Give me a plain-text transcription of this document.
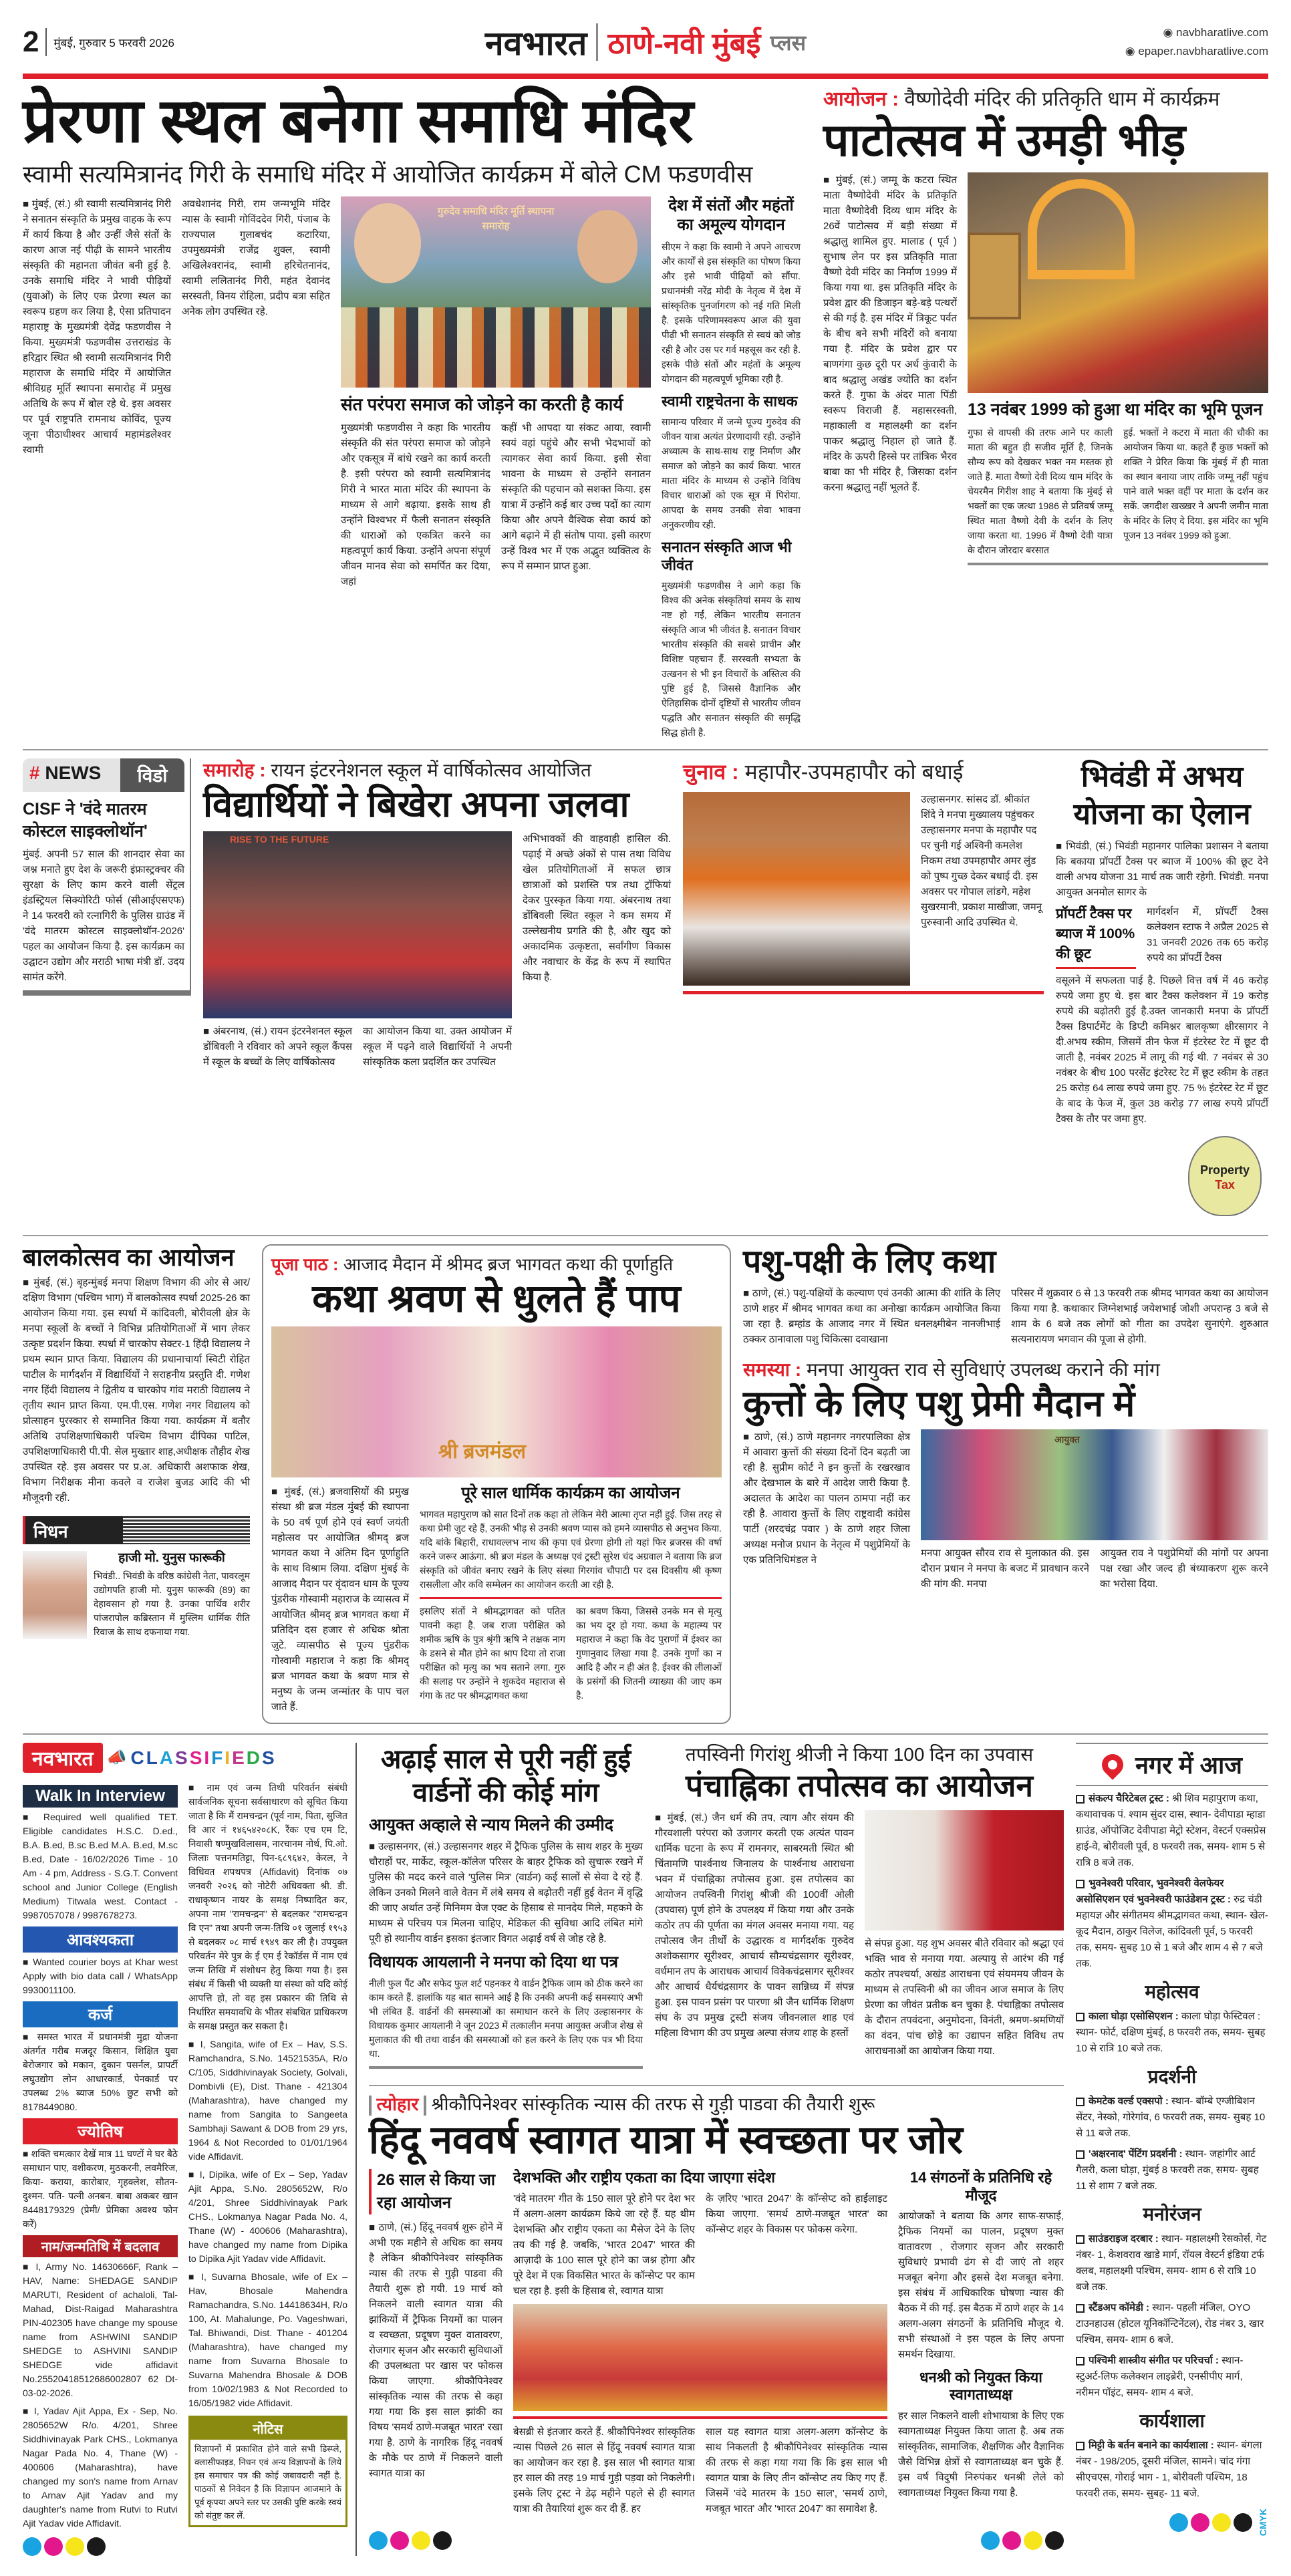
2 मुंबई, गुरुवार 5 फरवरी 2026	नवभारत ठाणे-नवी मुंबई प्लस	◉ navbharatlive.com
◉ epaper.navbharatlive.com
प्रेरणा स्थल बनेगा समाधि मंदिर
स्वामी सत्यमित्रानंद गिरी के समाधि मंदिर में आयोजित कार्यक्रम में बोले CM फडणवीस

■ मुंबई, (सं.) श्री स्वामी सत्यमित्रानंद गिरी ने सनातन संस्कृति के प्रमुख वाहक के रूप में कार्य किया है और उन्हीं जैसे संतों के कारण आज नई पीढ़ी के सामने भारतीय संस्कृति की महानता जीवंत बनी हुई है. उनके समाधि मंदिर ने भावी पीढ़ियों (युवाओं) के लिए एक प्रेरणा स्थल का स्वरूप ग्रहण कर लिया है, ऐसा प्रतिपादन महाराष्ट्र के मुख्यमंत्री देवेंद्र फडणवीस ने किया. मुख्यमंत्री फडणवीस उत्तराखंड के हरिद्वार स्थित श्री स्वामी सत्यमित्रानंद गिरी महाराज के समाधि मंदिर में आयोजित श्रीविग्रह मूर्ति स्थापना समारोह में प्रमुख अतिथि के रूप में बोल रहे थे. इस अवसर पर पूर्व राष्ट्रपति रामनाथ कोविंद, पूज्य जूना पीठाधीश्वर आचार्य महामंडलेश्वर स्वामी

अवधेशानंद गिरी, राम जन्मभूमि मंदिर न्यास के स्वामी गोविंददेव गिरी, पंजाब के राज्यपाल गुलाबचंद कटारिया, उपमुख्यमंत्री राजेंद्र शुक्ल, स्वामी अखिलेश्वरानंद, स्वामी हरिचेतनानंद, स्वामी ललितानंद गिरी, महंत देवानंद सरस्वती, विनय रोहिला, प्रदीप बत्रा सहित अनेक लोग उपस्थित रहे.

गुरुदेव समाधि मंदिर मूर्ति स्थापना समारोह
संत परंपरा समाज को जोड़ने का करती है कार्य

मुख्यमंत्री फडणवीस ने कहा कि भारतीय संस्कृति की संत परंपरा समाज को जोड़ने और एकसूत्र में बांधे रखने का कार्य करती है. इसी परंपरा को स्वामी सत्यमित्रानंद गिरी ने भारत माता मंदिर की स्थापना के माध्यम से आगे बढ़ाया. इसके साथ ही उन्होंने विश्वभर में फैली सनातन संस्कृति की धाराओं को एकत्रित करने का महत्वपूर्ण कार्य किया. उन्होंने अपना संपूर्ण जीवन मानव सेवा को समर्पित कर दिया, जहां

कहीं भी आपदा या संकट आया, स्वामी स्वयं वहां पहुंचे और सभी भेदभावों को त्यागकर सेवा कार्य किया. इसी सेवा भावना के माध्यम से उन्होंने सनातन संस्कृति की पहचान को सशक्त किया. इस यात्रा में उन्होंने कई बार उच्च पदों का त्याग किया और अपने वैश्विक सेवा कार्य को आगे बढ़ाने में ही संतोष पाया. इसी कारण उन्हें विश्व भर में एक अद्भुत व्यक्तित्व के रूप में सम्मान प्राप्त हुआ.

देश में संतों और महंतों का अमूल्य योगदान

सीएम ने कहा कि स्वामी ने अपने आचरण और कार्यों से इस संस्कृति का पोषण किया और इसे भावी पीढ़ियों को सौंपा. प्रधानमंत्री नरेंद्र मोदी के नेतृत्व में देश में सांस्कृतिक पुनर्जागरण को नई गति मिली है. इसके परिणामस्वरूप आज की युवा पीढ़ी भी सनातन संस्कृति से स्वयं को जोड़ रही है और उस पर गर्व महसूस कर रही है. इसके पीछे संतों और महंतों के अमूल्य योगदान की महत्वपूर्ण भूमिका रही है.

स्वामी राष्ट्रचेतना के साधक

सामान्य परिवार में जन्मे पूज्य गुरुदेव की जीवन यात्रा अत्यंत प्रेरणादायी रही. उन्होंने अध्यात्म के साथ-साथ राष्ट्र निर्माण और समाज को जोड़ने का कार्य किया. भारत माता मंदिर के माध्यम से उन्होंने विविध विचार धाराओं को एक सूत्र में पिरोया. आपदा के समय उनकी सेवा भावना अनुकरणीय रही.

सनातन संस्कृति आज भी जीवंत

मुख्यमंत्री फडणवीस ने आगे कहा कि विश्व की अनेक संस्कृतियां समय के साथ नष्ट हो गईं, लेकिन भारतीय सनातन संस्कृति आज भी जीवंत है. सनातन विचार भारतीय संस्कृति की सबसे प्राचीन और विशिष्ट पहचान हैं. सरस्वती सभ्यता के उत्खनन से भी इन विचारों के अस्तित्व की पुष्टि हुई है, जिससे वैज्ञानिक और ऐतिहासिक दोनों दृष्टियों से भारतीय जीवन पद्धति और सनातन संस्कृति की समृद्धि सिद्ध होती है.

आयोजन : वैष्णोदेवी मंदिर की प्रतिकृति धाम में कार्यक्रम
पाटोत्सव में उमड़ी भीड़

■ मुंबई, (सं.) जम्मू के कटरा स्थित माता वैष्णोदेवी मंदिर के प्रतिकृति माता वैष्णोदेवी दिव्य धाम मंदिर के 26वें पाटोत्सव में बड़ी संख्या में श्रद्धालु शामिल हुए. मालाड ( पूर्व ) सुभाष लेन पर इस प्रतिकृति माता वैष्णो देवी मंदिर का निर्माण 1999 में किया गया था. इस प्रतिकृति मंदिर के प्रवेश द्वार की डिजाइन बड़े-बड़े पत्थरों से की गई है. इस मंदिर में त्रिकूट पर्वत के बीच बने सभी मंदिरों को बनाया गया है. मंदिर के प्रवेश द्वार पर बाणगंगा कुछ दूरी पर अर्ध कुंवारी के बाद श्रद्धालु अखंड ज्योति का दर्शन करते हैं. गुफा के अंदर माता पिंडी स्वरूप विराजी हैं. महासरस्वती, महाकाली व महालक्ष्मी का दर्शन पाकर श्रद्धालु निहाल हो जाते हैं. मंदिर के ऊपरी हिस्से पर तांत्रिक भैरव बाबा का भी मंदिर है, जिसका दर्शन करना श्रद्धालु नहीं भूलते हैं.

13 नवंबर 1999 को हुआ था मंदिर का भूमि पूजन

गुफा से वापसी की तरफ आने पर काली माता की बहुत ही सजीव मूर्ति है, जिनके सौम्य रूप को देखकर भक्त नम मस्तक हो जाते हैं. माता वैष्णो देवी दिव्य धाम मंदिर के चेयरमैन गिरीश शाह ने बताया कि मुंबई से भक्तों का एक जत्था 1986 से प्रतिवर्ष जम्मू स्थित माता वैष्णो देवी के दर्शन के लिए जाया करता था. 1996 में वैष्णो देवी यात्रा के दौरान जोरदार बरसात

हुई. भक्तों ने कटरा में माता की चौकी का आयोजन किया था. कहते हैं कुछ भक्तों को शक्ति ने प्रेरित किया कि मुंबई में ही माता का स्थान बनाया जाए ताकि जम्मू नहीं पहुंच पाने वाले भक्त वहीं पर माता के दर्शन कर सकें. जगदीश खख्खर ने अपनी जमीन माता के मंदिर के लिए दे दिया. इस मंदिर का भूमि पूजन 13 नवंबर 1999 को हुआ.

# NEWS	विडो
CISF ने 'वंदे मातरम कोस्टल साइक्लोथॉन'

मुंबई. अपनी 57 साल की शानदार सेवा का जश्न मनाते हुए देश के जरूरी इंफ्रास्ट्रक्चर की सुरक्षा के लिए काम करने वाली सेंट्रल इंडस्ट्रियल सिक्योरिटी फोर्स (सीआईएसएफ) ने 14 फरवरी को रत्नागिरी के पुलिस ग्राउंड में 'वंदे मातरम कोस्टल साइक्लोथॉन-2026' पहल का आयोजन किया है. इस कार्यक्रम का उद्घाटन उद्योग और मराठी भाषा मंत्री डॉ. उदय सामंत करेंगे.

समारोह : रायन इंटरनेशनल स्कूल में वार्षिकोत्सव आयोजित
विद्यार्थियों ने बिखेरा अपना जलवा
RISE TO THE FUTURE

■ अंबरनाथ, (सं.) रायन इंटरनेशनल स्कूल डोंबिवली ने रविवार को अपने स्कूल कैंपस में स्कूल के बच्चों के लिए वार्षिकोत्सव

का आयोजन किया था. उक्त आयोजन में स्कूल में पढ़ने वाले विद्यार्थियों ने अपनी सांस्कृतिक कला प्रदर्शित कर उपस्थित

अभिभावकों की वाहवाही हासिल की. पढ़ाई में अच्छे अंकों से पास तथा विविध खेल प्रतियोगिताओं में सफल छात्र छात्राओं को प्रशस्ति पत्र तथा ट्रॉफियां देकर पुरस्कृत किया गया. अंबरनाथ तथा डोंबिवली स्थित स्कूल ने कम समय में उल्लेखनीय प्रगति की है, और खुद को अकादमिक उत्कृष्टता, सर्वांगीण विकास और नवाचार के केंद्र के रूप में स्थापित किया है.

चुनाव : महापौर-उपमहापौर को बधाई

उल्हासनगर. सांसद डॉ. श्रीकांत शिंदे ने मनपा मुख्यालय पहुंचकर उल्हासनगर मनपा के महापौर पद पर चुनी गई अश्विनी कमलेश निकम तथा उपमहापौर अमर लुंड को पुष्प गुच्छ देकर बधाई दी. इस अवसर पर गोपाल लांडगे, महेश सुखरमानी, प्रकाश माखीजा, जमनू पुरुस्वानी आदि उपस्थित थे.

भिवंडी में अभय योजना का ऐलान

■ भिवंडी, (सं.) भिवंडी महानगर पालिका प्रशासन ने बताया कि बकाया प्रॉपर्टी टैक्स पर ब्याज में 100% की छूट देने वाली अभय योजना 31 मार्च तक जारी रहेगी. भिवंडी. मनपा आयुक्त अनमोल सागर के

प्रॉपर्टी टैक्स पर ब्याज में 100% की छूट

मार्गदर्शन में, प्रॉपर्टी टैक्स कलेक्शन स्टाफ ने अप्रैल 2025 से 31 जनवरी 2026 तक 65 करोड़ रुपये का प्रॉपर्टी टैक्स

वसूलने में सफलता पाई है. पिछले वित्त वर्ष में 46 करोड़ रुपये जमा हुए थे. इस बार टैक्स कलेक्शन में 19 करोड़ रुपये की बढ़ोतरी हुई है.उक्त जानकारी मनपा के प्रॉपर्टी टैक्स डिपार्टमेंट के डिप्टी कमिश्नर बालकृष्ण क्षीरसागर ने दी.अभय स्कीम, जिसमें तीन फेज में इंटरेस्ट रेट में छूट दी जाती है, नवंबर 2025 में लागू की गई थी. 7 नवंबर से 30 नवंबर के बीच 100 परसेंट इंटरेस्ट रेट में छूट स्कीम के तहत 25 करोड़ 64 लाख रुपये जमा हुए. 75 % इंटरेस्ट रेट में छूट के बाद के फेज में, कुल 38 करोड़ 77 लाख रुपये प्रॉपर्टी टैक्स के तौर पर जमा हुए.

Property
Tax
बालकोत्सव का आयोजन

■ मुंबई, (सं.) बृहन्मुंबई मनपा शिक्षण विभाग की ओर से आर/दक्षिण विभाग (पश्चिम भाग) में बालकोत्सव स्पर्धा 2025-26 का आयोजन किया गया. इस स्पर्धा में कांदिवली, बोरीवली क्षेत्र के मनपा स्कूलों के बच्चों ने विभिन्न प्रतियोगिताओं में भाग लेकर उत्कृष्ट प्रदर्शन किया. स्पर्धा में चारकोप सेक्टर-1 हिंदी विद्यालय ने प्रथम स्थान प्राप्त किया. विद्यालय की प्रधानाचार्या स्विटी रोहित पाटील के मार्गदर्शन में विद्यार्थियों ने सराहनीय प्रस्तुति दी. गणेश नगर हिंदी विद्यालय ने द्वितीय व चारकोप गांव मराठी विद्यालय ने तृतीय स्थान प्राप्त किया. एम.पी.एस. गणेश नगर विद्यालय को प्रोत्साहन पुरस्कार से सम्मानित किया गया. कार्यक्रम में बतौर अतिथि उपशिक्षणाधिकारी पश्चिम विभाग दीपिका पाटिल, उपशिक्षणाधिकारी पी.पी. सेल मुख्तार शाह,अधीक्षक तौहीद शेख उपस्थित रहे. इस अवसर पर प्र.अ. अधिकारी अशफाक शेख, विभाग निरीक्षक मीना कवले व राजेश बुजड आदि की भी मौजूदगी रही.

निधन
हाजी मो. युनुस फारूकी

भिवंडी.. भिवंडी के वरिष्ठ कांग्रेसी नेता, पावरलूम उद्योगपति हाजी मो. युनुस फारूकी (89) का देहावसान हो गया है. उनका पार्थिव शरीर पांजरापोल कब्रिस्तान में मुस्लिम धार्मिक रीति रिवाज के साथ दफनाया गया.

पूजा पाठ : आजाद मैदान में श्रीमद ब्रज भागवत कथा की पूर्णाहुति
कथा श्रवण से धुलते हैं पाप
श्री ब्रजमंडल

■ मुंबई, (सं.) ब्रजवासियों की प्रमुख संस्था श्री ब्रज मंडल मुंबई की स्थापना के 50 वर्ष पूर्ण होने एवं स्वर्ण जयंती महोत्सव पर आयोजित श्रीमद् ब्रज भागवत कथा ने अंतिम दिन पूर्णाहुति के साथ विश्राम लिया. दक्षिण मुंबई के आजाद मैदान पर वृंदावन धाम के पूज्य पुंडरीक गोस्वामी महाराज के व्यासत्व में आयोजित श्रीमद् ब्रज भागवत कथा में प्रतिदिन दस हजार से अधिक श्रोता जुटे. व्यासपीठ से पूज्य पुंडरीक गोस्वामी महाराज ने कहा कि श्रीमद् ब्रज भागवत कथा के श्रवण मात्र से मनुष्य के जन्म जन्मांतर के पाप चल जाते हैं.

पूरे साल धार्मिक कार्यक्रम का आयोजन

भागवत महापुराण को सात दिनों तक कहा तो लेकिन मेरी आत्मा तृप्त नहीं हुई. जिस तरह से कथा प्रेमी जुट रहे हैं, उनकी भीड़ से उनकी श्रवण प्यास को हमने व्यासपीठ से अनुभव किया. यदि बांके बिहारी, राधावल्लभ नाथ की कृपा एवं प्रेरणा होगी तो यहां फिर ब्रजरस की वर्षा करने जरूर आऊंगा. श्री ब्रज मंडल के अध्यक्ष एवं ट्रस्टी सुरेश चंद अग्रवाल ने बताया कि ब्रज संस्कृति को जीवंत बनाए रखने के लिए संस्था गिरगांव चौपाटी पर दस दिवसीय श्री कृष्ण रासलीला और कवि सम्मेलन का आयोजन करती आ रही है.

इसलिए संतों ने श्रीमद्भागवत को पतित पावनी कहा है. जब राजा परीक्षित को शमीक ऋषि के पुत्र श्रृंगी ऋषि ने तक्षक नाग के डसने से मौत होने का श्राप दिया तो राजा परीक्षित को मृत्यु का भय सताने लगा. गुरु की सलाह पर उन्होंने ने शुकदेव महाराज से गंगा के तट पर श्रीमद्भागवत कथा

का श्रवण किया, जिससे उनके मन से मृत्यु का भय दूर हो गया. कथा के महात्म्य पर महाराज ने कहा कि वेद पुराणों में ईश्वर का गुणानुवाद लिखा गया है. उनके गुणों का न आदि है और न ही अंत है. ईश्वर की लीलाओं के प्रसंगों की जितनी व्याख्या की जाए कम है.

पशु-पक्षी के लिए कथा

■ ठाणे, (सं.) पशु-पक्षियों के कल्याण एवं उनकी आत्मा की शांति के लिए ठाणे शहर में श्रीमद भागवत कथा का अनोखा कार्यक्रम आयोजित किया जा रहा है. ब्रम्हांड के आजाद नगर में स्थित धनलक्ष्मीबेन नानजीभाई ठक्कर ठानावाला पशु चिकित्सा दवाखाना

परिसर में शुक्रवार 6 से 13 फरवरी तक श्रीमद भागवत कथा का आयोजन किया गया है. कथाकार जिग्नेशभाई जयेशभाई जोशी अपरान्ह 3 बजे से शाम के 6 बजे तक लोगों को गीता का उपदेश सुनाएंगे. शुरुआत सत्यनारायण भगवान की पूजा से होगी.

समस्या : मनपा आयुक्त राव से सुविधाएं उपलब्ध कराने की मांग
कुत्तों के लिए पशु प्रेमी मैदान में

■ ठाणे, (सं.) ठाणे महानगर नगरपालिका क्षेत्र में आवारा कुत्तों की संख्या दिनों दिन बढ़ती जा रही है. सुप्रीम कोर्ट ने इन कुत्तों के रखरखाव और देखभाल के बारे में आदेश जारी किया है. अदालत के आदेश का पालन ठामपा नहीं कर रही है. आवारा कुत्तों के लिए राष्ट्रवादी कांग्रेस पार्टी (शरदचंद्र पवार ) के ठाणे शहर जिला अध्यक्ष मनोज प्रधान के नेतृत्व में पशुप्रेमियों के एक प्रतिनिधिमंडल ने

आयुक्त

मनपा आयुक्त सौरव राव से मुलाकात की. इस दौरान प्रधान ने मनपा के बजट में प्रावधान करने की मांग की. मनपा

आयुक्त राव ने पशुप्रेमियों की मांगों पर अपना पक्ष रखा और जल्द ही बंध्याकरण शुरू करने का भरोसा दिया.

नवभारत 📣 CLASSIFIEDS
Walk In Interview

■ Required well qualified TET. Eligible candidates H.S.C. D.ed., B.A. B.ed, B.sc B.ed M.A. B.ed, M.sc B.ed, Date - 16/02/2026 Time - 10 Am - 4 pm, Address - S.G.T. Convent school and Junior College (English Medium) Titwala west. Contact - 9987057078 / 9987678273.

आवश्यकता

■ Wanted courier boys at Khar west Apply with bio data call / WhatsApp 9930011100.

कर्ज

■ समस्त भारत में प्रधानमंत्री मुद्रा योजना अंतर्गत गरीब मजदूर किसान, शिक्षित युवा बेरोजगार को मकान, दुकान पसर्नल, प्रापर्टी लघुउद्योग लोन आधारकार्ड, पेनकार्ड पर उपलब्ध 2% ब्याज 50% छुट सभी को 8178449080.

ज्योतिष

■ शक्ति चमत्कार देखें मात्र 11 घण्टों मे घर बैठे समाधान पाए, वशीकरण, मुठकरनी, लवमैरिज, किया- कराया, कारोबार, गृहक्लेश, सौतन- दुश्मन. पति- पत्नी अनबन. बाबा अकबर खान 8448179329 (प्रेमी/ प्रेमिका अवश्य फोन करें)

नाम/जन्मतिथि में बदलाव

■ I, Army No. 14630666F, Rank – HAV, Name: SHEDAGE SANDIP MARUTI, Resident of achaloli, Tal-Mahad, Dist-Raigad Maharashtra PIN-402305 have change my spouse name from ASHWINI SANDIP SHEDGE to ASHVINI SANDIP SHEDGE vide affidavit No.25520418512686002807 62 Dt-03-02-2026.

■ I, Yadav Ajit Appa, Ex - Sep, No. 2805652W R/o. 4/201, Shree Siddhivinayak Park CHS., Lokmanya Nagar Pada No. 4, Thane (W) - 400606 (Maharashtra), have changed my son's name from Arnav to Arnav Ajit Yadav and my daughter's name from Rutvi to Rutvi Ajit Yadav vide Affidavit.

■ नाम एवं जन्म तिथी परिवर्तन संबंधी सार्वजनिक सूचना सर्वसाधारण को सूचित किया जाता है कि मैं रामचन्द्रन (पूर्व नाम, पिता, सुजित वि आर नं १४६५४२०८K, रैंकः एच एम टि, निवासी षण्मुखविलासम, नारचानम नोर्थ, पि.ओ. जिलाः पत्तनमतिट्टा, पिन-६८९६४२, केरल, ने विधिवत शपथपत्र (Affidavit) दिनांक ०७ जनवरी २०२६ को नोटेरी अधिवक्ता श्री. डी. राधाकृष्णन नायर के समक्ष निष्पादित कर, अपना नाम "रामचन्द्रन" से बदलकर "रामचन्द्रन वि एन" तथा अपनी जन्म-तिथि ०१ जुलाई १९५३ से बदलकर ०८ मार्च १९४९ कर ली है। उपयुक्त परिवर्तन मेरे पुत्र के ई एम ई रेकॉर्डस में नाम एवं जन्म तिखि में संशोधन हेतु किया गया है। इस संबंध में किसी भी व्यक्ती या संस्था को यदि कोई आपत्ति हो, तो वह इस प्रकारन की तिथि से निर्धारित समयावधि के भीतर संबधित प्राधिकरण के समक्ष प्रस्तुत कर सकता है।

■ I, Sangita, wife of Ex – Hav, S.S. Ramchandra, S.No. 14521535A, R/o C/105, Siddhivinayak Society, Golvali, Dombivli (E), Dist. Thane - 421304 (Maharashtra), have changed my name from Sangita to Sangeeta Sambhaji Sawant & DOB from 29 yrs, 1964 & Not Recorded to 01/01/1964 vide Affidavit.

■ I, Dipika, wife of Ex – Sep, Yadav Ajit Appa, S.No. 2805652W, R/o 4/201, Shree Siddhivinayak Park CHS., Lokmanya Nagar Pada No. 4, Thane (W) - 400606 (Maharashtra), have changed my name from Dipika to Dipika Ajit Yadav vide Affidavit.

■ I, Suvarna Bhosale, wife of Ex – Hav, Bhosale Mahendra Ramachandra, S.No. 14418634H, R/o 100, At. Mahalunge, Po. Vageshwari, Tal. Bhiwandi, Dist. Thane - 401204 (Maharashtra), have changed my name from Suvarna Bhosale to Suvarna Mahendra Bhosale & DOB from 10/02/1983 & Not Recorded to 16/05/1982 vide Affidavit.

नोटिस

विज्ञापनों में प्रकाशित होने वाले सभी डिस्प्ले, क्लासीफाइड, निधन एवं अन्य विज्ञापनों के लिये इस समाचार पत्र की कोई जबावदारी नहीं है. पाठकों से निवेदन है कि विज्ञापन आजमाने के पूर्व कृपया अपने स्तर पर उसकी पुष्टि करके स्वयं को संतुष्ट कर लें.

अढ़ाई साल से पूरी नहीं हुई वार्डनों की कोई मांग
आयुक्त अव्हाले से न्याय मिलने की उम्मीद

■ उल्हासनगर, (सं.) उल्हासनगर शहर में ट्रैफिक पुलिस के साथ शहर के मुख्य चौराहों पर, मार्केट, स्कूल-कॉलेज परिसर के बाहर ट्रैफिक को सुचारू रखने में पुलिस की मदद करने वाले 'पुलिस मित्र' (वार्डन) कई सालों से सेवा दे रहे हैं. लेकिन उनको मिलने वाले वेतन में लंबे समय से बढ़ोतरी नहीं हुई वेतन में वृद्धि की जाए अर्थात उन्हें मिनिमम वेज एक्ट के हिसाब से मानदेय मिले, महकमे के माध्यम से परिचय पत्र मिलना चाहिए, मेडिकल की सुविधा आदि लंबित मांगे पूरी हो स्थानीय वार्डन इसका इंतजार विगत अढ़ाई वर्ष से जोह रहे है.

विधायक आयलानी ने मनपा को दिया था पत्र

नीली फुल पैंट और सफेद फुल शर्ट पहनकर ये वार्डन ट्रैफिक जाम को ठीक करने का काम करते हैं. हालांकि यह बात सामने आई है कि उनकी अपनी कई समस्याएं अभी भी लंबित हैं. वार्डनों की समस्याओं का समाधान करने के लिए उल्हासनगर के विधायक कुमार आयलानी ने जून 2023 में तत्कालीन मनपा आयुक्त अजीज शेख से मुलाकात की थी तथा वार्डन की समस्याओं को हल करने के लिए एक पत्र भी दिया था.

तपस्विनी गिरांशु श्रीजी ने किया 100 दिन का उपवास
पंचाह्निका तपोत्सव का आयोजन

■ मुंबई, (सं.) जैन धर्म की तप, त्याग और संयम की गौरवशाली परंपरा को उजागर करती एक अत्यंत पावन धार्मिक घटना के रूप में रामनगर, साबरमती स्थित श्री चिंतामणि पार्श्वनाथ जिनालय के पार्श्वनाथ आराधना भवन में पंचाह्निका तपोत्सव हुआ. इस तपोत्सव का आयोजन तपस्विनी गिरांशु श्रीजी की 100वीं ओली (उपवास) पूर्ण होने के उपलक्ष्य में किया गया और उनके कठोर तप की पूर्णता का मंगल अवसर मनाया गया. यह तपोत्सव जैन तीर्थों के उद्धारक व मार्गदर्शक गुरुदेव अशोकसागर सूरीश्वर, आचार्य सौम्यचंद्रसागर सूरीश्वर, वर्धमान तप के आराधक आचार्य विवेकचंद्रसागर सूरीश्वर और आचार्य धैर्यचंद्रसागर के पावन सान्निध्य में संपन्न हुआ. इस पावन प्रसंग पर पारणा श्री जैन धार्मिक शिक्षण संघ के उप प्रमुख ट्रस्टी संजय जीवनलाल शाह एवं महिला विभाग की उप प्रमुख अल्पा संजय शाह के हस्तों

से संपन्न हुआ. यह शुभ अवसर बीते रविवार को श्रद्धा एवं भक्ति भाव से मनाया गया. अल्पायु से आरंभ की गई कठोर तपश्चर्या, अखंड आराधना एवं संयममय जीवन के माध्यम से तपस्विनी श्री का जीवन आज समाज के लिए प्रेरणा का जीवंत प्रतीक बन चुका है. पंचाह्निका तपोत्सव के दौरान तपवंदना, अनुमोदना, विनंती, श्रमण-श्रमणियों का वंदन, पांच छोड़े का उद्यापन सहित विविध तप आराधनाओं का आयोजन किया गया.

त्योहार श्रीकौपिनेश्वर सांस्कृतिक न्यास की तरफ से गुड़ी पाडवा की तैयारी शुरू
हिंदू नववर्ष स्वागत यात्रा में स्वच्छता पर जोर
26 साल से किया जा रहा आयोजन

■ ठाणे, (सं.) हिंदू नववर्ष शुरू होने में अभी एक महीने से अधिक का समय है लेकिन श्रीकौपिनेश्वर सांस्कृतिक न्यास की तरफ से गुड़ी पाडवा की तैयारी शुरू हो गयी. 19 मार्च को निकलने वाली स्वागत यात्रा की झांकियों में ट्रैफिक नियमों का पालन व स्वच्छता, प्रदूषण मुक्त वातावरण, रोजगार सृजन और सरकारी सुविधाओं की उपलब्धता पर खास पर फोकस किया जाएगा. श्रीकौपिनेश्वर सांस्कृतिक न्यास की तरफ से कहा गया गया कि इस साल झांकी का विषय 'समर्थ ठाणे-मजबूत भारत' रखा गया है. ठाणे के नागरिक हिंदू नववर्ष के मौके पर ठाणे में निकलने वाली स्वागत यात्रा का

देशभक्ति और राष्ट्रीय एकता का दिया जाएगा संदेश

'वंदे मातरम' गीत के 150 साल पूरे होने पर देश भर में अलग-अलग कार्यक्रम किये जा रहे हैं. यह थीम देशभक्ति और राष्ट्रीय एकता का मैसेज देने के लिए तय की गई है. जबकि, 'भारत 2047' भारत की आज़ादी के 100 साल पूरे होने का जश्न होगा और पूरे देश में एक विकसित भारत के कॉन्सेप्ट पर काम चल रहा है. इसी के हिसाब से, स्वागत यात्रा

के ज़रिए 'भारत 2047' के कॉन्सेप्ट को हाईलाइट किया जाएगा. 'समर्थ ठाणे-मजबूत भारत' का कॉन्सेप्ट शहर के विकास पर फोकस करेगा.

बेसब्री से इंतजार करते हैं. श्रीकौपिनेश्वर सांस्कृतिक न्यास पिछले 26 साल से हिंदू नववर्ष स्वागत यात्रा का आयोजन कर रहा है. इस साल भी स्वागत यात्रा हर साल की तरह 19 मार्च गुड़ी पड़वा को निकलेगी। इसके लिए ट्रस्ट ने डेढ़ महीने पहले से ही स्वागत यात्रा की तैयारियां शुरू कर दी हैं. हर

साल यह स्वागत यात्रा अलग-अलग कॉन्सेप्ट के साथ निकलती है श्रीकौपिनेश्वर सांस्कृतिक न्यास की तरफ से कहा गया गया कि कि इस साल भी स्वागत यात्रा के लिए तीन कॉन्सेप्ट तय किए गए हैं. जिसमें 'वंदे मातरम के 150 साल', 'समर्थ ठाणे, मजबूत भारत' और 'भारत 2047' का समावेश है.

14 संगठनों के प्रतिनिधि रहे मौजूद

आयोजकों ने बताया कि अगर साफ-सफाई, ट्रैफिक नियमों का पालन, प्रदूषण मुक्त वातावरण , रोजगार सृजन और सरकारी सुविधाएं प्रभावी ढंग से दी जाएं तो शहर मजबूत बनेगा और इससे देश मजबूत बनेगा. इस संबंध में आधिकारिक घोषणा न्यास की बैठक में की गई. इस बैठक में ठाणे शहर के 14 अलग-अलग संगठनों के प्रतिनिधि मौजूद थे. सभी संस्थाओं ने इस पहल के लिए अपना समर्थन दिखाया.

धनश्री को नियुक्त किया स्वागताध्यक्ष

हर साल निकलने वाली शोभायात्रा के लिए एक स्वागताध्यक्ष नियुक्त किया जाता है. अब तक सांस्कृतिक, सामाजिक, शैक्षणिक और वैज्ञानिक जैसे विभिन्न क्षेत्रों से स्वागताध्यक्ष बन चुके हैं. इस वर्ष विदुषी निरुपंकर धनश्री लेले को स्वागताध्यक्ष नियुक्त किया गया है.

नगर में आज

संकल्प चैरिटेबल ट्रस्ट : श्री शिव महापुराण कथा, कथावाचक पं. श्याम सुंदर दास, स्थान- देवीपाडा म्हाडा ग्राउंड, ऑपोजिट देवीपाडा मेट्रो स्टेशन, वेस्टर्न एक्सप्रेस हाई-वे, बोरीवली पूर्व, 8 फरवरी तक, समय- शाम 5 से रात्रि 8 बजे तक.

भुवनेश्वरी परिवार, भुवनेश्वरी वेलफेयर असोसिएशन एवं भुवनेश्वरी फाउंडेशन ट्रस्ट : रुद्र चंडी महायज्ञ और संगीतमय श्रीमद्भागवत कथा, स्थान- खेल-कूद मैदान, ठाकुर विलेज, कांदिवली पूर्व, 5 फरवरी तक, समय- सुबह 10 से 1 बजे और शाम 4 से 7 बजे तक.

महोत्सव

काला घोड़ा एसोसिएशन : काला घोड़ा फेस्टिवल : स्थान- फोर्ट, दक्षिण मुंबई, 8 फरवरी तक, समय- सुबह 10 से रात्रि 10 बजे तक.

प्रदर्शनी

केमटेक वर्ल्ड एक्सपो : स्थान- बॉम्बे एग्जीबिशन सेंटर, नेस्को, गोरेगांव, 6 फरवरी तक, समय- सुबह 10 से 11 बजे तक.

'अक्षरनाद' पेंटिंग प्रदर्शनी : स्थान- जहांगीर आर्ट गैलरी, कला घोड़ा, मुंबई 8 फरवरी तक, समय- सुबह 11 से शाम 7 बजे तक.

मनोरंजन

साउंडराइज दरबार : स्थान- महालक्ष्मी रेसकोर्स, गेट नंबर- 1, केशवराव खाडे मार्ग, रॉयल वेस्टर्न इंडिया टर्फ क्लब, महालक्ष्मी पश्चिम, समय- शाम 6 से रात्रि 10 बजे तक.

स्टैंडअप कॉमेडी : स्थान- पहली मंजिल, OYO टाउनहाउस (होटल यूनिकॉन्टिनेंटल), रोड नंबर 3, खार पश्चिम, समय- शाम 6 बजे.

पश्चिमी शास्त्रीय संगीत पर परिचर्चा : स्थान- स्टुअर्ट-लिफ कलेक्शन लाइब्रेरी, एनसीपीए मार्ग, नरीमन पॉइंट, समय- शाम 4 बजे.

कार्यशाला

मिट्टी के बर्तन बनाने का कार्यशाला : स्थान- बंगला नंबर - 198/205, दूसरी मंजिल, सामने। चांद गंगा सीएचएस, गोराई भाग - 1, बोरीवली पश्चिम, 18 फरवरी तक, समय- सुबह- 11 बजे.

CMYK
